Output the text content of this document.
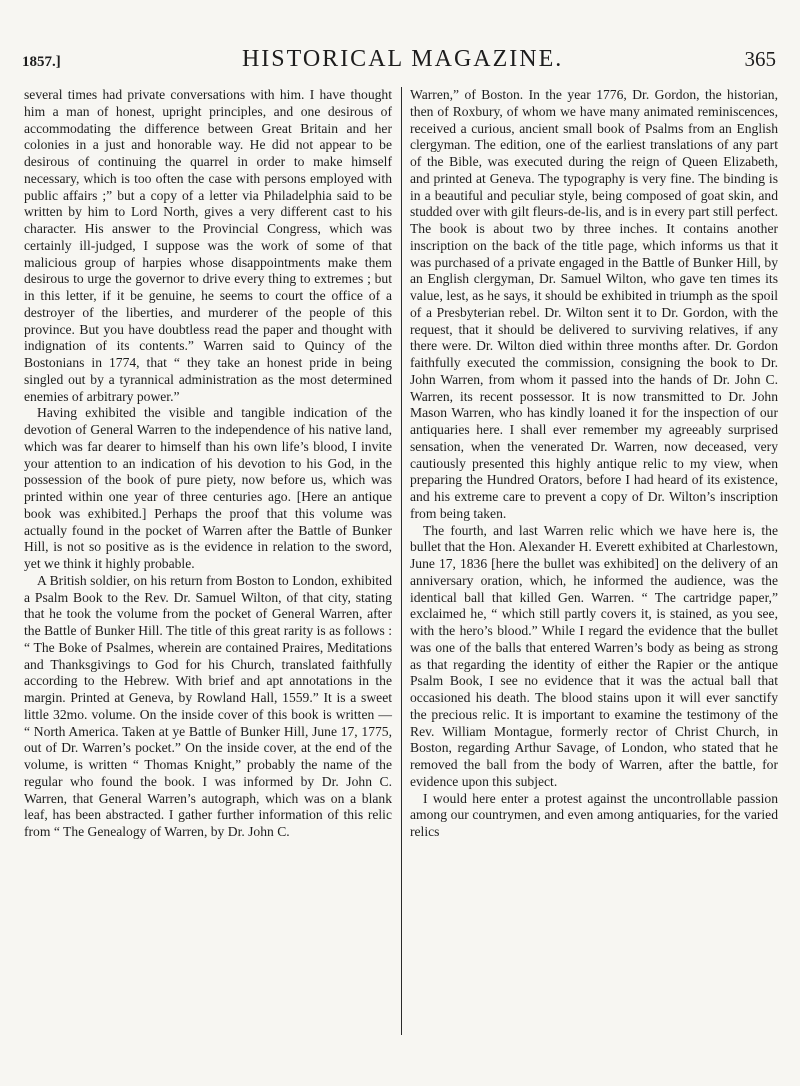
1857.]	HISTORICAL MAGAZINE.	365

several times had private conversations with him. I have thought him a man of honest, upright principles, and one desirous of accommodating the difference between Great Britain and her colonies in a just and honorable way. He did not appear to be desirous of continuing the quarrel in order to make himself necessary, which is too often the case with persons employed with public affairs ;” but a copy of a letter via Philadelphia said to be written by him to Lord North, gives a very different cast to his character. His answer to the Provincial Congress, which was certainly ill-judged, I suppose was the work of some of that malicious group of harpies whose disappointments make them desirous to urge the governor to drive every thing to extremes ; but in this letter, if it be genuine, he seems to court the office of a destroyer of the liberties, and murderer of the people of this province. But you have doubtless read the paper and thought with indignation of its contents.” Warren said to Quincy of the Bostonians in 1774, that “ they take an honest pride in being singled out by a tyrannical administration as the most determined enemies of arbitrary power.”

Having exhibited the visible and tangible indication of the devotion of General Warren to the independence of his native land, which was far dearer to himself than his own life’s blood, I invite your attention to an indication of his devotion to his God, in the possession of the book of pure piety, now before us, which was printed within one year of three centuries ago. [Here an antique book was exhibited.] Perhaps the proof that this volume was actually found in the pocket of Warren after the Battle of Bunker Hill, is not so positive as is the evidence in relation to the sword, yet we think it highly probable.

A British soldier, on his return from Boston to London, exhibited a Psalm Book to the Rev. Dr. Samuel Wilton, of that city, stating that he took the volume from the pocket of General Warren, after the Battle of Bunker Hill. The title of this great rarity is as follows : “ The Boke of Psalmes, wherein are contained Praires, Meditations and Thanksgivings to God for his Church, translated faithfully according to the Hebrew. With brief and apt annotations in the margin. Printed at Geneva, by Rowland Hall, 1559.” It is a sweet little 32mo. volume. On the inside cover of this book is written — “ North America. Taken at ye Battle of Bunker Hill, June 17, 1775, out of Dr. Warren’s pocket.” On the inside cover, at the end of the volume, is written “ Thomas Knight,” probably the name of the regular who found the book. I was informed by Dr. John C. Warren, that General Warren’s autograph, which was on a blank leaf, has been abstracted. I gather further information of this relic from “ The Genealogy of Warren, by Dr. John C.

Warren,” of Boston. In the year 1776, Dr. Gordon, the historian, then of Roxbury, of whom we have many animated reminiscences, received a curious, ancient small book of Psalms from an English clergyman. The edition, one of the earliest translations of any part of the Bible, was executed during the reign of Queen Elizabeth, and printed at Geneva. The typography is very fine. The binding is in a beautiful and peculiar style, being composed of goat skin, and studded over with gilt fleurs-de-lis, and is in every part still perfect. The book is about two by three inches. It contains another inscription on the back of the title page, which informs us that it was purchased of a private engaged in the Battle of Bunker Hill, by an English clergyman, Dr. Samuel Wilton, who gave ten times its value, lest, as he says, it should be exhibited in triumph as the spoil of a Presbyterian rebel. Dr. Wilton sent it to Dr. Gordon, with the request, that it should be delivered to surviving relatives, if any there were. Dr. Wilton died within three months after. Dr. Gordon faithfully executed the commission, consigning the book to Dr. John Warren, from whom it passed into the hands of Dr. John C. Warren, its recent possessor. It is now transmitted to Dr. John Mason Warren, who has kindly loaned it for the inspection of our antiquaries here. I shall ever remember my agreeably surprised sensation, when the venerated Dr. Warren, now deceased, very cautiously presented this highly antique relic to my view, when preparing the Hundred Orators, before I had heard of its existence, and his extreme care to prevent a copy of Dr. Wilton’s inscription from being taken.

The fourth, and last Warren relic which we have here is, the bullet that the Hon. Alexander H. Everett exhibited at Charlestown, June 17, 1836 [here the bullet was exhibited] on the delivery of an anniversary oration, which, he informed the audience, was the identical ball that killed Gen. Warren. “ The cartridge paper,” exclaimed he, “ which still partly covers it, is stained, as you see, with the hero’s blood.” While I regard the evidence that the bullet was one of the balls that entered Warren’s body as being as strong as that regarding the identity of either the Rapier or the antique Psalm Book, I see no evidence that it was the actual ball that occasioned his death. The blood stains upon it will ever sanctify the precious relic. It is important to examine the testimony of the Rev. William Montague, formerly rector of Christ Church, in Boston, regarding Arthur Savage, of London, who stated that he removed the ball from the body of Warren, after the battle, for evidence upon this subject.

I would here enter a protest against the uncontrollable passion among our countrymen, and even among antiquaries, for the varied relics
